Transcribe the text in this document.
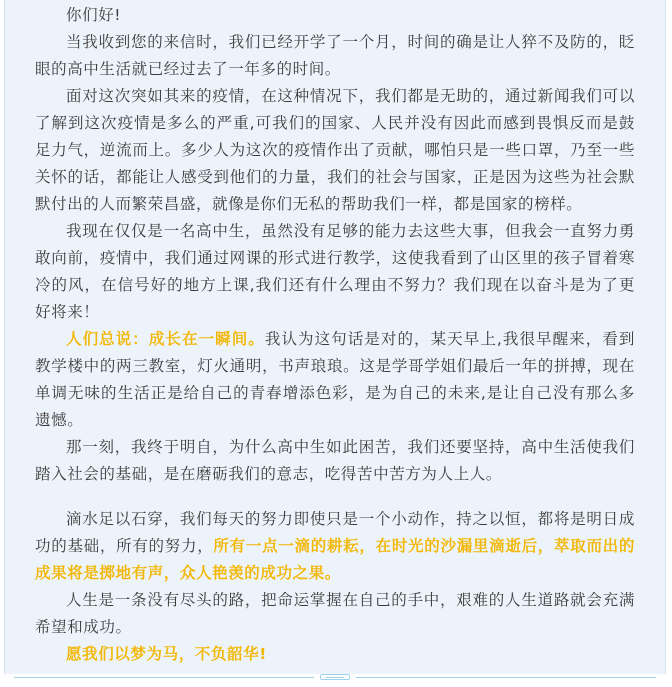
你们好!

当我收到您的来信时，我们已经开学了一个月，时间的确是让人猝不及防的，眨眼的高中生活就已经过去了一年多的时间。

面对这次突如其来的疫情，在这种情况下，我们都是无助的，通过新闻我们可以了解到这次疫情是多么的严重,可我们的国家、人民并没有因此而感到畏惧反而是鼓足力气，逆流而上。多少人为这次的疫情作出了贡献，哪怕只是一些口罩，乃至一些关怀的话，都能让人感受到他们的力量，我们的社会与国家，正是因为这些为社会默默付出的人而繁荣昌盛，就像是你们无私的帮助我们一样，都是国家的榜样。

我现在仅仅是一名高中生，虽然没有足够的能力去这些大事，但我会一直努力勇敢向前，疫情中，我们通过网课的形式进行教学，这使我看到了山区里的孩子冒着寒冷的风，在信号好的地方上课,我们还有什么理由不努力？我们现在以奋斗是为了更好将来！

人们总说：成长在一瞬间。我认为这句话是对的，某天早上,我很早醒来，看到教学楼中的两三教室，灯火通明，书声琅琅。这是学哥学姐们最后一年的拼搏，现在单调无味的生活正是给自己的青春增添色彩，是为自己的未来,是让自己没有那么多遗憾。

那一刻，我终于明自，为什么高中生如此困苦，我们还要坚持，高中生活使我们踏入社会的基础，是在磨砺我们的意志，吃得苦中苦方为人上人。

滴水足以石穿，我们每天的努力即使只是一个小动作，持之以恒，都将是明日成功的基础，所有的努力，所有一点一滴的耕耘，在时光的沙漏里滴逝后，萃取而出的成果将是掷地有声，众人艳羡的成功之果。

人生是一条没有尽头的路，把命运掌握在自己的手中，艰难的人生道路就会充满希望和成功。

愿我们以梦为马，不负韶华!
